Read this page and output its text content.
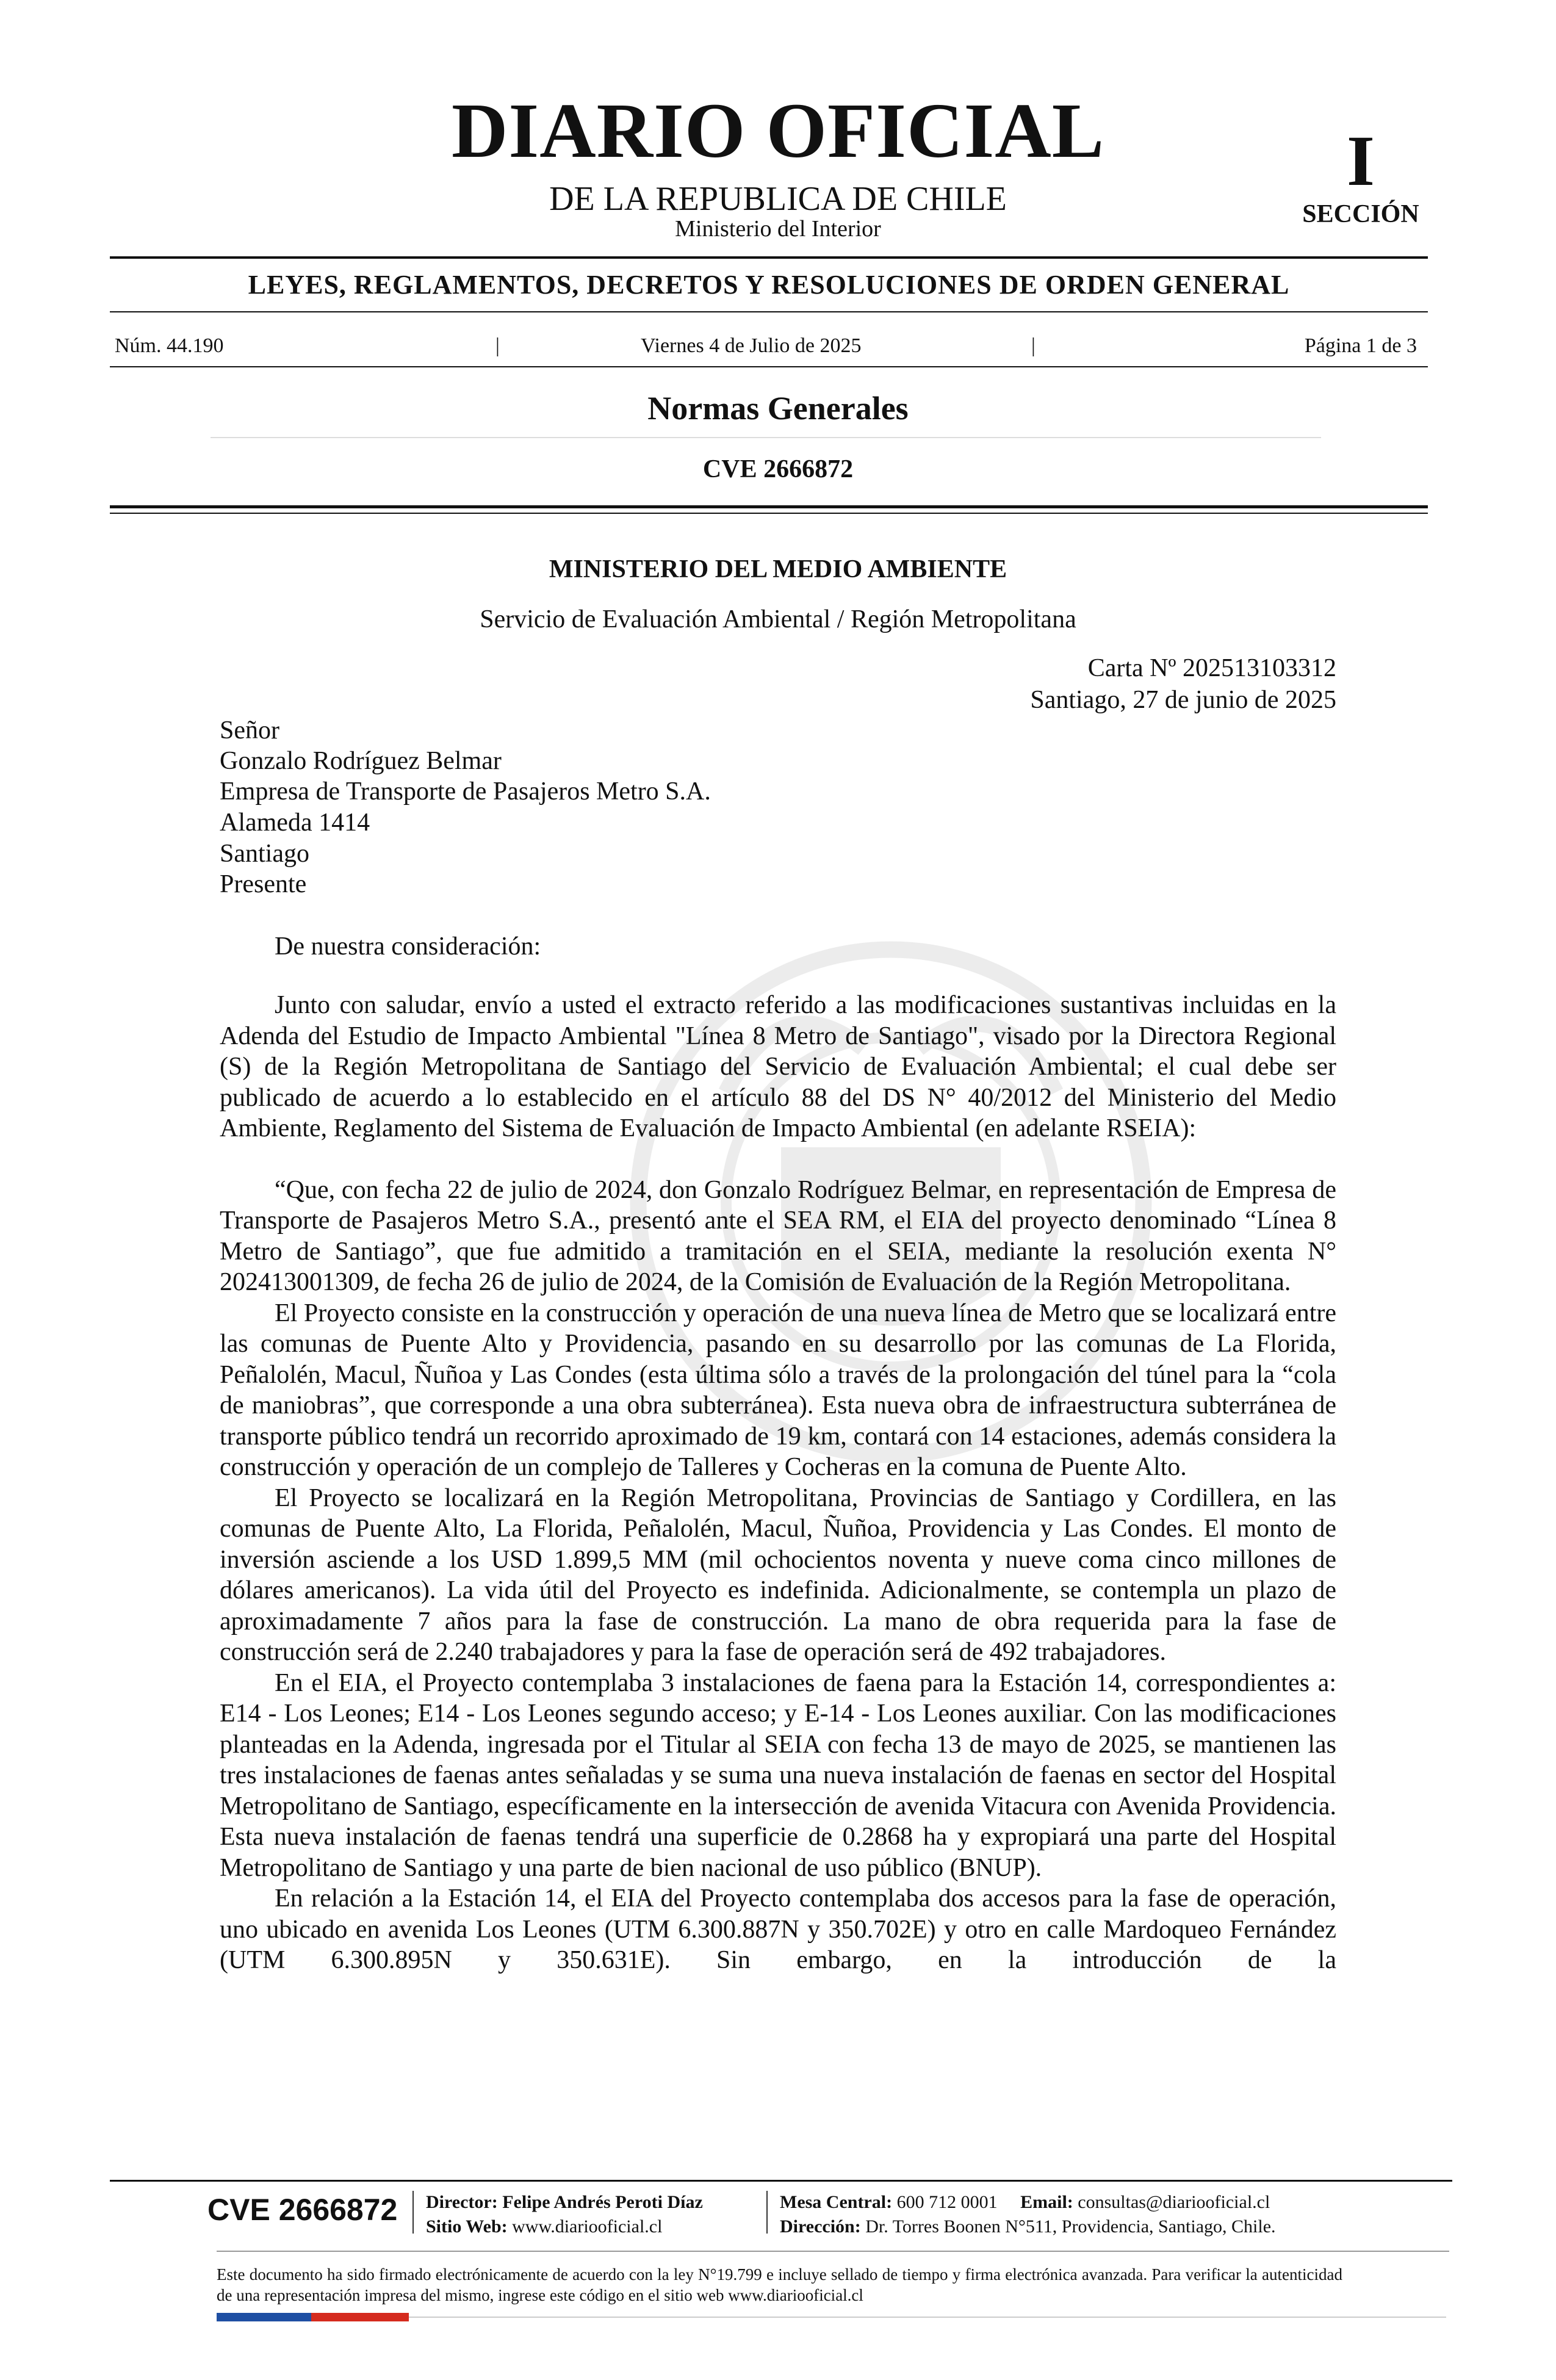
DIARIO OFICIAL
DE LA REPUBLICA DE CHILE
Ministerio del Interior
I
SECCIÓN
LEYES, REGLAMENTOS, DECRETOS Y RESOLUCIONES DE ORDEN GENERAL
Núm. 44.190	|	Viernes 4 de Julio de 2025	|	Página 1 de 3
Normas Generales
CVE 2666872
MINISTERIO DEL MEDIO AMBIENTE
Servicio de Evaluación Ambiental / Región Metropolitana
Carta Nº 202513103312
Santiago, 27 de junio de 2025
Señor
Gonzalo Rodríguez Belmar
Empresa de Transporte de Pasajeros Metro S.A.
Alameda 1414
Santiago
Presente
De nuestra consideración:

Junto con saludar, envío a usted el extracto referido a las modificaciones sustantivas incluidas en la Adenda del Estudio de Impacto Ambiental "Línea 8 Metro de Santiago", visado por la Directora Regional (S) de la Región Metropolitana de Santiago del Servicio de Evaluación Ambiental; el cual debe ser publicado de acuerdo a lo establecido en el artículo 88 del DS N° 40/2012 del Ministerio del Medio Ambiente, Reglamento del Sistema de Evaluación de Impacto Ambiental (en adelante RSEIA):

“Que, con fecha 22 de julio de 2024, don Gonzalo Rodríguez Belmar, en representación de Empresa de Transporte de Pasajeros Metro S.A., presentó ante el SEA RM, el EIA del proyecto denominado “Línea 8 Metro de Santiago”, que fue admitido a tramitación en el SEIA, mediante la resolución exenta N° 202413001309, de fecha 26 de julio de 2024, de la Comisión de Evaluación de la Región Metropolitana.

El Proyecto consiste en la construcción y operación de una nueva línea de Metro que se localizará entre las comunas de Puente Alto y Providencia, pasando en su desarrollo por las comunas de La Florida, Peñalolén, Macul, Ñuñoa y Las Condes (esta última sólo a través de la prolongación del túnel para la “cola de maniobras”, que corresponde a una obra subterránea). Esta nueva obra de infraestructura subterránea de transporte público tendrá un recorrido aproximado de 19 km, contará con 14 estaciones, además considera la construcción y operación de un complejo de Talleres y Cocheras en la comuna de Puente Alto.

El Proyecto se localizará en la Región Metropolitana, Provincias de Santiago y Cordillera, en las comunas de Puente Alto, La Florida, Peñalolén, Macul, Ñuñoa, Providencia y Las Condes. El monto de inversión asciende a los USD 1.899,5 MM (mil ochocientos noventa y nueve coma cinco millones de dólares americanos). La vida útil del Proyecto es indefinida. Adicionalmente, se contempla un plazo de aproximadamente 7 años para la fase de construcción. La mano de obra requerida para la fase de construcción será de 2.240 trabajadores y para la fase de operación será de 492 trabajadores.

En el EIA, el Proyecto contemplaba 3 instalaciones de faena para la Estación 14, correspondientes a: E14 - Los Leones; E14 - Los Leones segundo acceso; y E-14 - Los Leones auxiliar. Con las modificaciones planteadas en la Adenda, ingresada por el Titular al SEIA con fecha 13 de mayo de 2025, se mantienen las tres instalaciones de faenas antes señaladas y se suma una nueva instalación de faenas en sector del Hospital Metropolitano de Santiago, específicamente en la intersección de avenida Vitacura con Avenida Providencia. Esta nueva instalación de faenas tendrá una superficie de 0.2868 ha y expropiará una parte del Hospital Metropolitano de Santiago y una parte de bien nacional de uso público (BNUP).

En relación a la Estación 14, el EIA del Proyecto contemplaba dos accesos para la fase de operación, uno ubicado en avenida Los Leones (UTM 6.300.887N y 350.702E) y otro en calle Mardoqueo Fernández (UTM 6.300.895N y 350.631E). Sin embargo, en la introducción de la

CVE 2666872 Director: Felipe Andrés Peroti Díaz
Sitio Web: www.diariooficial.cl
Mesa Central: 600 712 0001 Email: consultas@diariooficial.cl
Dirección: Dr. Torres Boonen N°511, Providencia, Santiago, Chile.
Este documento ha sido firmado electrónicamente de acuerdo con la ley N°19.799 e incluye sellado de tiempo y firma electrónica avanzada. Para verificar la autenticidad de una representación impresa del mismo, ingrese este código en el sitio web www.diariooficial.cl
